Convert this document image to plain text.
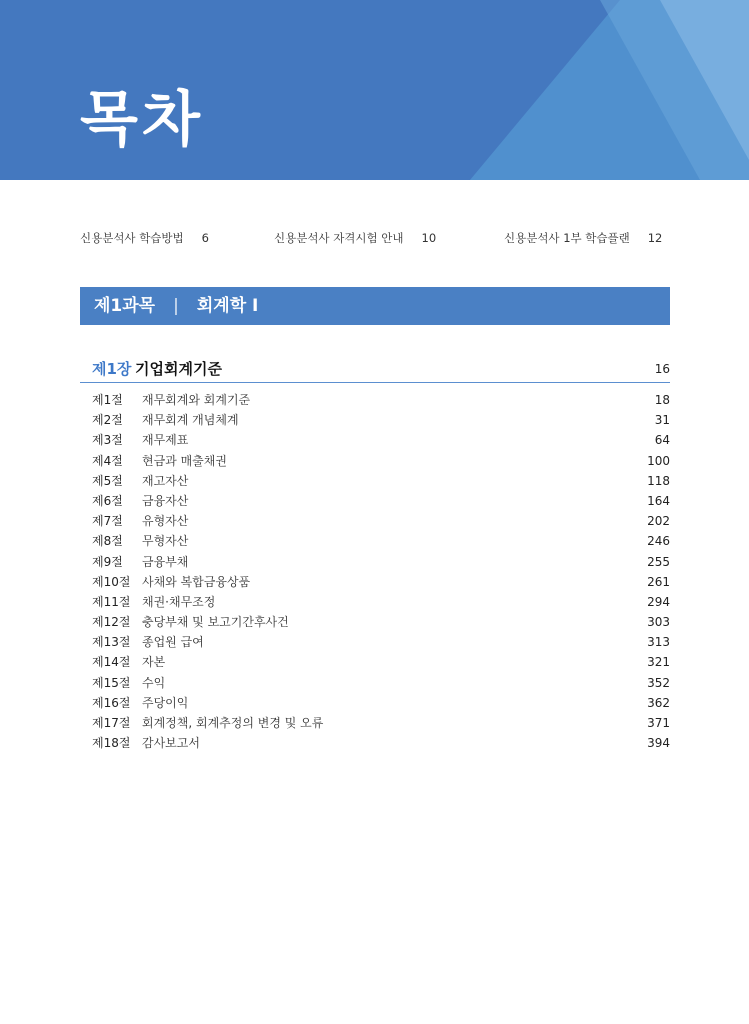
목차
신용분석사 학습방법 6	신용분석사 자격시험 안내 10	신용분석사 1부 학습플랜 12
제1과목 | 회계학 I
제1장 기업회계기준	16
제1절 재무회계와 회계기준	18
제2절 재무회계 개념체계	31
제3절 재무제표	64
제4절 현금과 매출채권	100
제5절 재고자산	118
제6절 금융자산	164
제7절 유형자산	202
제8절 무형자산	246
제9절 금융부채	255
제10절 사채와 복합금융상품	261
제11절 채권·채무조정	294
제12절 충당부채 및 보고기간후사건	303
제13절 종업원 급여	313
제14절 자본	321
제15절 수익	352
제16절 주당이익	362
제17절 회계정책, 회계추정의 변경 및 오류	371
제18절 감사보고서	394
